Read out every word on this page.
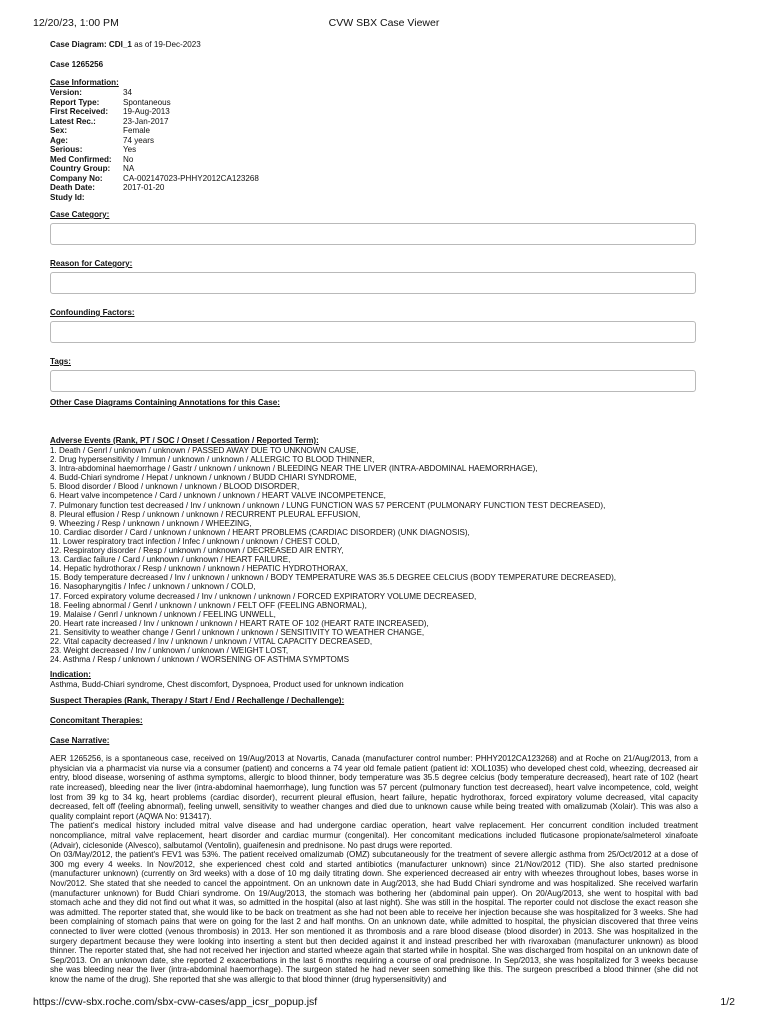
12/20/23, 1:00 PM	CVW SBX Case Viewer
Case Diagram: CDI_1 as of 19-Dec-2023
Case 1265256
Case Information:
Version:	34
Report Type:	Spontaneous
First Received:	19-Aug-2013
Latest Rec.:	23-Jan-2017
Sex:	Female
Age:	74 years
Serious:	Yes
Med Confirmed:	No
Country Group:	NA
Company No:	CA-002147023-PHHY2012CA123268
Death Date:	2017-01-20
Study Id:	
Case Category:
Reason for Category:
Confounding Factors:
Tags:
Other Case Diagrams Containing Annotations for this Case:
Adverse Events (Rank, PT / SOC / Onset / Cessation / Reported Term):
1. Death / Genrl / unknown / unknown / PASSED AWAY DUE TO UNKNOWN CAUSE,
2. Drug hypersensitivity / Immun / unknown / unknown / ALLERGIC TO BLOOD THINNER,
3. Intra-abdominal haemorrhage / Gastr / unknown / unknown / BLEEDING NEAR THE LIVER (INTRA-ABDOMINAL HAEMORRHAGE),
4. Budd-Chiari syndrome / Hepat / unknown / unknown / BUDD CHIARI SYNDROME,
5. Blood disorder / Blood / unknown / unknown / BLOOD DISORDER,
6. Heart valve incompetence / Card / unknown / unknown / HEART VALVE INCOMPETENCE,
7. Pulmonary function test decreased / Inv / unknown / unknown / LUNG FUNCTION WAS 57 PERCENT (PULMONARY FUNCTION TEST DECREASED),
8. Pleural effusion / Resp / unknown / unknown / RECURRENT PLEURAL EFFUSION,
9. Wheezing / Resp / unknown / unknown / WHEEZING,
10. Cardiac disorder / Card / unknown / unknown / HEART PROBLEMS (CARDIAC DISORDER) (UNK DIAGNOSIS),
11. Lower respiratory tract infection / Infec / unknown / unknown / CHEST COLD,
12. Respiratory disorder / Resp / unknown / unknown / DECREASED AIR ENTRY,
13. Cardiac failure / Card / unknown / unknown / HEART FAILURE,
14. Hepatic hydrothorax / Resp / unknown / unknown / HEPATIC HYDROTHORAX,
15. Body temperature decreased / Inv / unknown / unknown / BODY TEMPERATURE WAS 35.5 DEGREE CELCIUS (BODY TEMPERATURE DECREASED),
16. Nasopharyngitis / Infec / unknown / unknown / COLD,
17. Forced expiratory volume decreased / Inv / unknown / unknown / FORCED EXPIRATORY VOLUME DECREASED,
18. Feeling abnormal / Genrl / unknown / unknown / FELT OFF (FEELING ABNORMAL),
19. Malaise / Genrl / unknown / unknown / FEELING UNWELL,
20. Heart rate increased / Inv / unknown / unknown / HEART RATE OF 102 (HEART RATE INCREASED),
21. Sensitivity to weather change / Genrl / unknown / unknown / SENSITIVITY TO WEATHER CHANGE,
22. Vital capacity decreased / Inv / unknown / unknown / VITAL CAPACITY DECREASED,
23. Weight decreased / Inv / unknown / unknown / WEIGHT LOST,
24. Asthma / Resp / unknown / unknown / WORSENING OF ASTHMA SYMPTOMS
Indication:
Asthma, Budd-Chiari syndrome, Chest discomfort, Dyspnoea, Product used for unknown indication
Suspect Therapies (Rank, Therapy / Start / End / Rechallenge / Dechallenge):
Concomitant Therapies:
Case Narrative:

AER 1265256, is a spontaneous case, received on 19/Aug/2013 at Novartis, Canada (manufacturer control number: PHHY2012CA123268) and at Roche on 21/Aug/2013, from a physician via a pharmacist via nurse via a consumer (patient) and concerns a 74 year old female patient (patient id: XOL1035) who developed chest cold, wheezing, decreased air entry, blood disease, worsening of asthma symptoms, allergic to blood thinner, body temperature was 35.5 degree celcius (body temperature decreased), heart rate of 102 (heart rate increased), bleeding near the liver (intra-abdominal haemorrhage), lung function was 57 percent (pulmonary function test decreased), heart valve incompetence, cold, weight lost from 39 kg to 34 kg, heart problems (cardiac disorder), recurrent pleural effusion, heart failure, hepatic hydrothorax, forced expiratory volume decreased, vital capacity decreased, felt off (feeling abnormal), feeling unwell, sensitivity to weather changes and died due to unknown cause while being treated with omalizumab (Xolair). This was also a quality complaint report (AQWA No: 913417).

The patient's medical history included mitral valve disease and had undergone cardiac operation, heart valve replacement. Her concurrent condition included treatment noncompliance, mitral valve replacement, heart disorder and cardiac murmur (congenital). Her concomitant medications included fluticasone propionate/salmeterol xinafoate (Advair), ciclesonide (Alvesco), salbutamol (Ventolin), guaifenesin and prednisone. No past drugs were reported.

On 03/May/2012, the patient's FEV1 was 53%. The patient received omalizumab (OMZ) subcutaneously for the treatment of severe allergic asthma from 25/Oct/2012 at a dose of 300 mg every 4 weeks. In Nov/2012, she experienced chest cold and started antibiotics (manufacturer unknown) since 21/Nov/2012 (TID). She also started prednisone (manufacturer unknown) (currently on 3rd weeks) with a dose of 10 mg daily titrating down. She experienced decreased air entry with wheezes throughout lobes, bases worse in Nov/2012. She stated that she needed to cancel the appointment. On an unknown date in Aug/2013, she had Budd Chiari syndrome and was hospitalized. She received warfarin (manufacturer unknown) for Budd Chiari syndrome. On 19/Aug/2013, the stomach was bothering her (abdominal pain upper). On 20/Aug/2013, she went to hospital with bad stomach ache and they did not find out what it was, so admitted in the hospital (also at last night). She was still in the hospital. The reporter could not disclose the exact reason she was admitted. The reporter stated that, she would like to be back on treatment as she had not been able to receive her injection because she was hospitalized for 3 weeks. She had been complaining of stomach pains that were on going for the last 2 and half months. On an unknown date, while admitted to hospital, the physician discovered that three veins connected to liver were clotted (venous thrombosis) in 2013. Her son mentioned it as thrombosis and a rare blood disease (blood disorder) in 2013. She was hospitalized in the surgery department because they were looking into inserting a stent but then decided against it and instead prescribed her with rivaroxaban (manufacturer unknown) as blood thinner. The reporter stated that, she had not received her injection and started wheeze again that started while in hospital. She was discharged from hospital on an unknown date of Sep/2013. On an unknown date, she reported 2 exacerbations in the last 6 months requiring a course of oral prednisone. In Sep/2013, she was hospitalized for 3 weeks because she was bleeding near the liver (intra-abdominal haemorrhage). The surgeon stated he had never seen something like this. The surgeon prescribed a blood thinner (she did not know the name of the drug). She reported that she was allergic to that blood thinner (drug hypersensitivity) and

https://cvw-sbx.roche.com/sbx-cvw-cases/app_icsr_popup.jsf	1/2
